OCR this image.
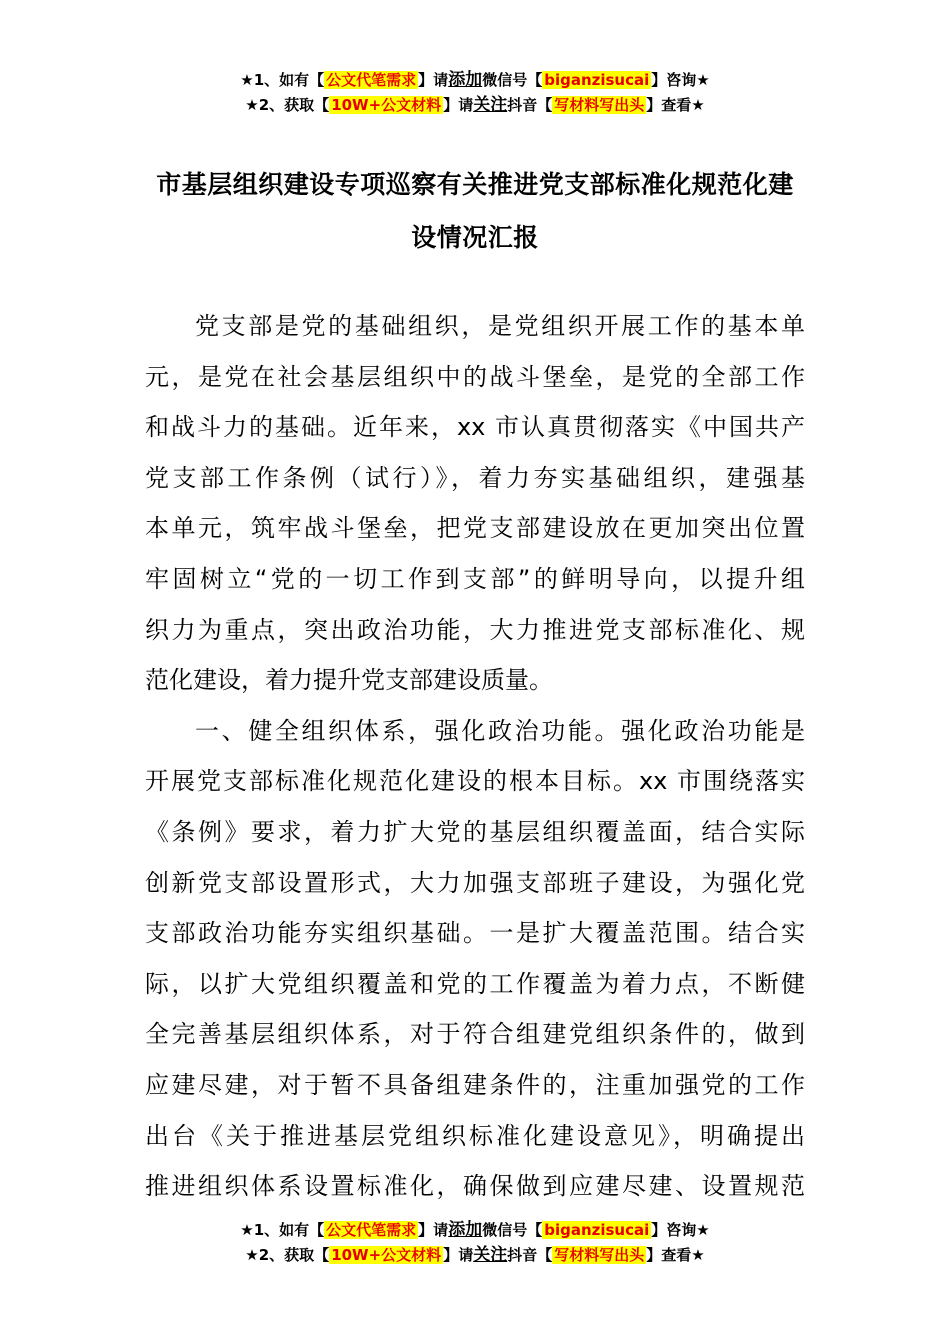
★1、如有【 公文代笔需求 】请添加微信号【 biganzisucai 】咨询★
★2、获取【 10W+公文材料 】请关注抖音【 写材料写出头 】查看★
市基层组织建设专项巡察有关推进党支部标准化规范化建
设情况汇报
党支部是党的基础组织，是党组织开展工作的基本单
元，是党在社会基层组织中的战斗堡垒，是党的全部工作
和战斗力的基础。近年来，xx 市认真贯彻落实《中国共产
党支部工作条例（试行）》，着力夯实基础组织，建强基
本单元，筑牢战斗堡垒，把党支部建设放在更加突出位置
牢固树立“党的一切工作到支部”的鲜明导向，以提升组
织力为重点，突出政治功能，大力推进党支部标准化、规
范化建设，着力提升党支部建设质量。
一、健全组织体系，强化政治功能。强化政治功能是
开展党支部标准化规范化建设的根本目标。xx 市围绕落实
《条例》要求，着力扩大党的基层组织覆盖面，结合实际
创新党支部设置形式，大力加强支部班子建设，为强化党
支部政治功能夯实组织基础。一是扩大覆盖范围。结合实
际，以扩大党组织覆盖和党的工作覆盖为着力点，不断健
全完善基层组织体系，对于符合组建党组织条件的，做到
应建尽建，对于暂不具备组建条件的，注重加强党的工作
出台《关于推进基层党组织标准化建设意见》，明确提出
推进组织体系设置标准化，确保做到应建尽建、设置规范
★1、如有【 公文代笔需求 】请添加微信号【 biganzisucai 】咨询★
★2、获取【 10W+公文材料 】请关注抖音【 写材料写出头 】查看★
